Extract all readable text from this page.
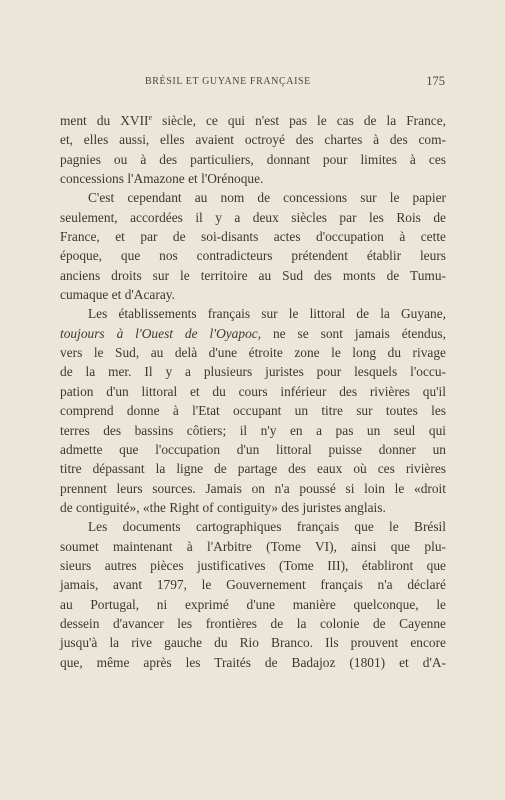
BRÉSIL ET GUYANE FRANÇAISE	175
ment du XVIIe siècle, ce qui n'est pas le cas de la France,
et, elles aussi, elles avaient octroyé des chartes à des com-
pagnies ou à des particuliers, donnant pour limites à ces
concessions l'Amazone et l'Orénoque.
C'est cependant au nom de concessions sur le papier
seulement, accordées il y a deux siècles par les Rois de
France, et par de soi-disants actes d'occupation à cette
époque, que nos contradicteurs prétendent établir leurs
anciens droits sur le territoire au Sud des monts de Tumu-
cumaque et d'Acaray.
Les établissements français sur le littoral de la Guyane,
toujours à l'Ouest de l'Oyapoc, ne se sont jamais étendus,
vers le Sud, au delà d'une étroite zone le long du rivage
de la mer. Il y a plusieurs juristes pour lesquels l'occu-
pation d'un littoral et du cours inférieur des rivières qu'il
comprend donne à l'Etat occupant un titre sur toutes les
terres des bassins côtiers; il n'y en a pas un seul qui
admette que l'occupation d'un littoral puisse donner un
titre dépassant la ligne de partage des eaux où ces rivières
prennent leurs sources. Jamais on n'a poussé si loin le «droit
de contiguité», «the Right of contiguity» des juristes anglais.
Les documents cartographiques français que le Brésil
soumet maintenant à l'Arbitre (Tome VI), ainsi que plu-
sieurs autres pièces justificatives (Tome III), établiront que
jamais, avant 1797, le Gouvernement français n'a déclaré
au Portugal, ni exprimé d'une manière quelconque, le
dessein d'avancer les frontières de la colonie de Cayenne
jusqu'à la rive gauche du Rio Branco. Ils prouvent encore
que, même après les Traités de Badajoz (1801) et d'A-
